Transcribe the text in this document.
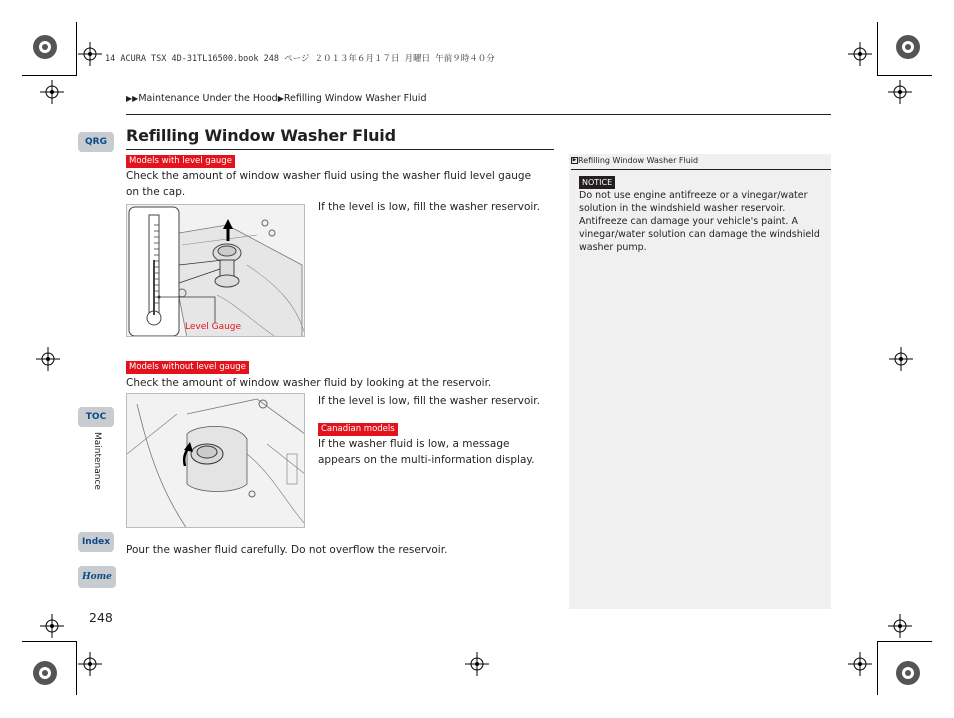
14 ACURA TSX 4D-31TL16500.book 248 ページ ２０１３年６月１７日 月曜日 午前９時４０分
▶▶Maintenance Under the Hood▶Refilling Window Washer Fluid
Refilling Window Washer Fluid
Models with level gauge
Check the amount of window washer fluid using the washer fluid level gauge on the cap.
Level Gauge
If the level is low, fill the washer reservoir.
Models without level gauge
Check the amount of window washer fluid by looking at the reservoir.
If the level is low, fill the washer reservoir.
Canadian models
If the washer fluid is low, a message appears on the multi-information display.
Pour the washer fluid carefully. Do not overflow the reservoir.
QRG
TOC
Maintenance
Index
Home
248
▶ Refilling Window Washer Fluid
NOTICE
Do not use engine antifreeze or a vinegar/water solution in the windshield washer reservoir. Antifreeze can damage your vehicle's paint. A vinegar/water solution can damage the windshield washer pump.
